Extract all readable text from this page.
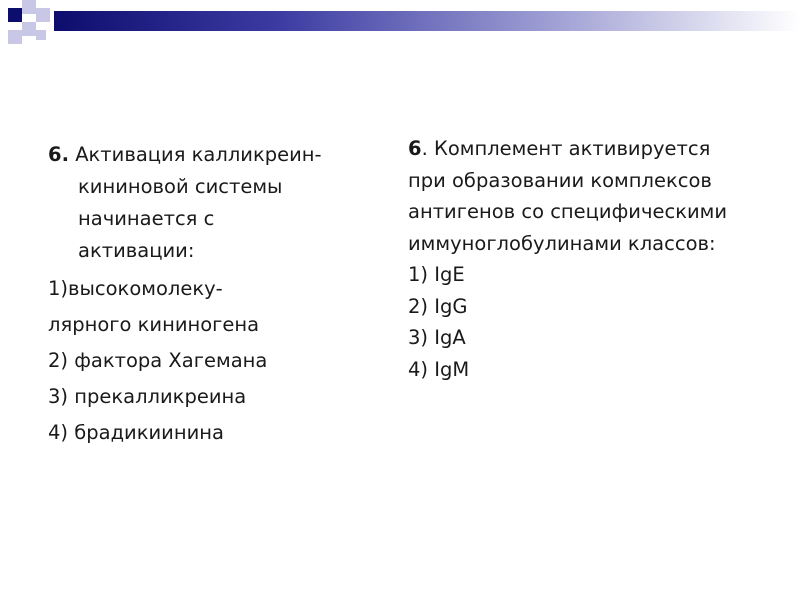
6. Активация калликреин-
кининовой системы
начинается с
активации:
1)высокомолеку-
лярного кининогена
2) фактора Хагемана
3) прекалликреина
4) брадикиинина
6. Комплемент активируется
при образовании комплексов
антигенов со специфическими
иммуноглобулинами классов:
1) IgE
2) IgG
3) IgA
4) IgM
